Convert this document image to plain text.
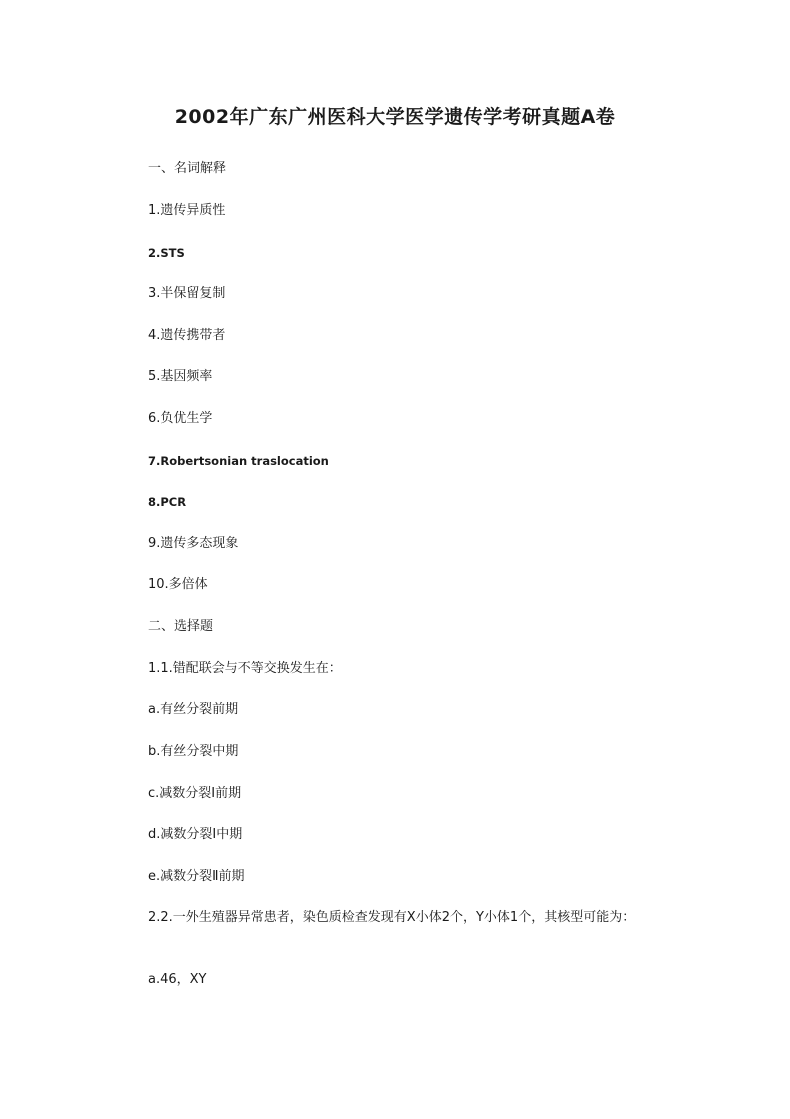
2002年广东广州医科大学医学遗传学考研真题A卷
一、名词解释
1.遗传异质性
2.STS
3.半保留复制
4.遗传携带者
5.基因频率
6.负优生学
7.Robertsonian traslocation
8.PCR
9.遗传多态现象
10.多倍体
二、选择题
1.1.错配联会与不等交换发生在：
a.有丝分裂前期
b.有丝分裂中期
c.减数分裂Ⅰ前期
d.减数分裂Ⅰ中期
e.减数分裂Ⅱ前期
2.2.一外生殖器异常患者，染色质检查发现有X小体2个，Y小体1个，其核型可能为：
a.46，XY
